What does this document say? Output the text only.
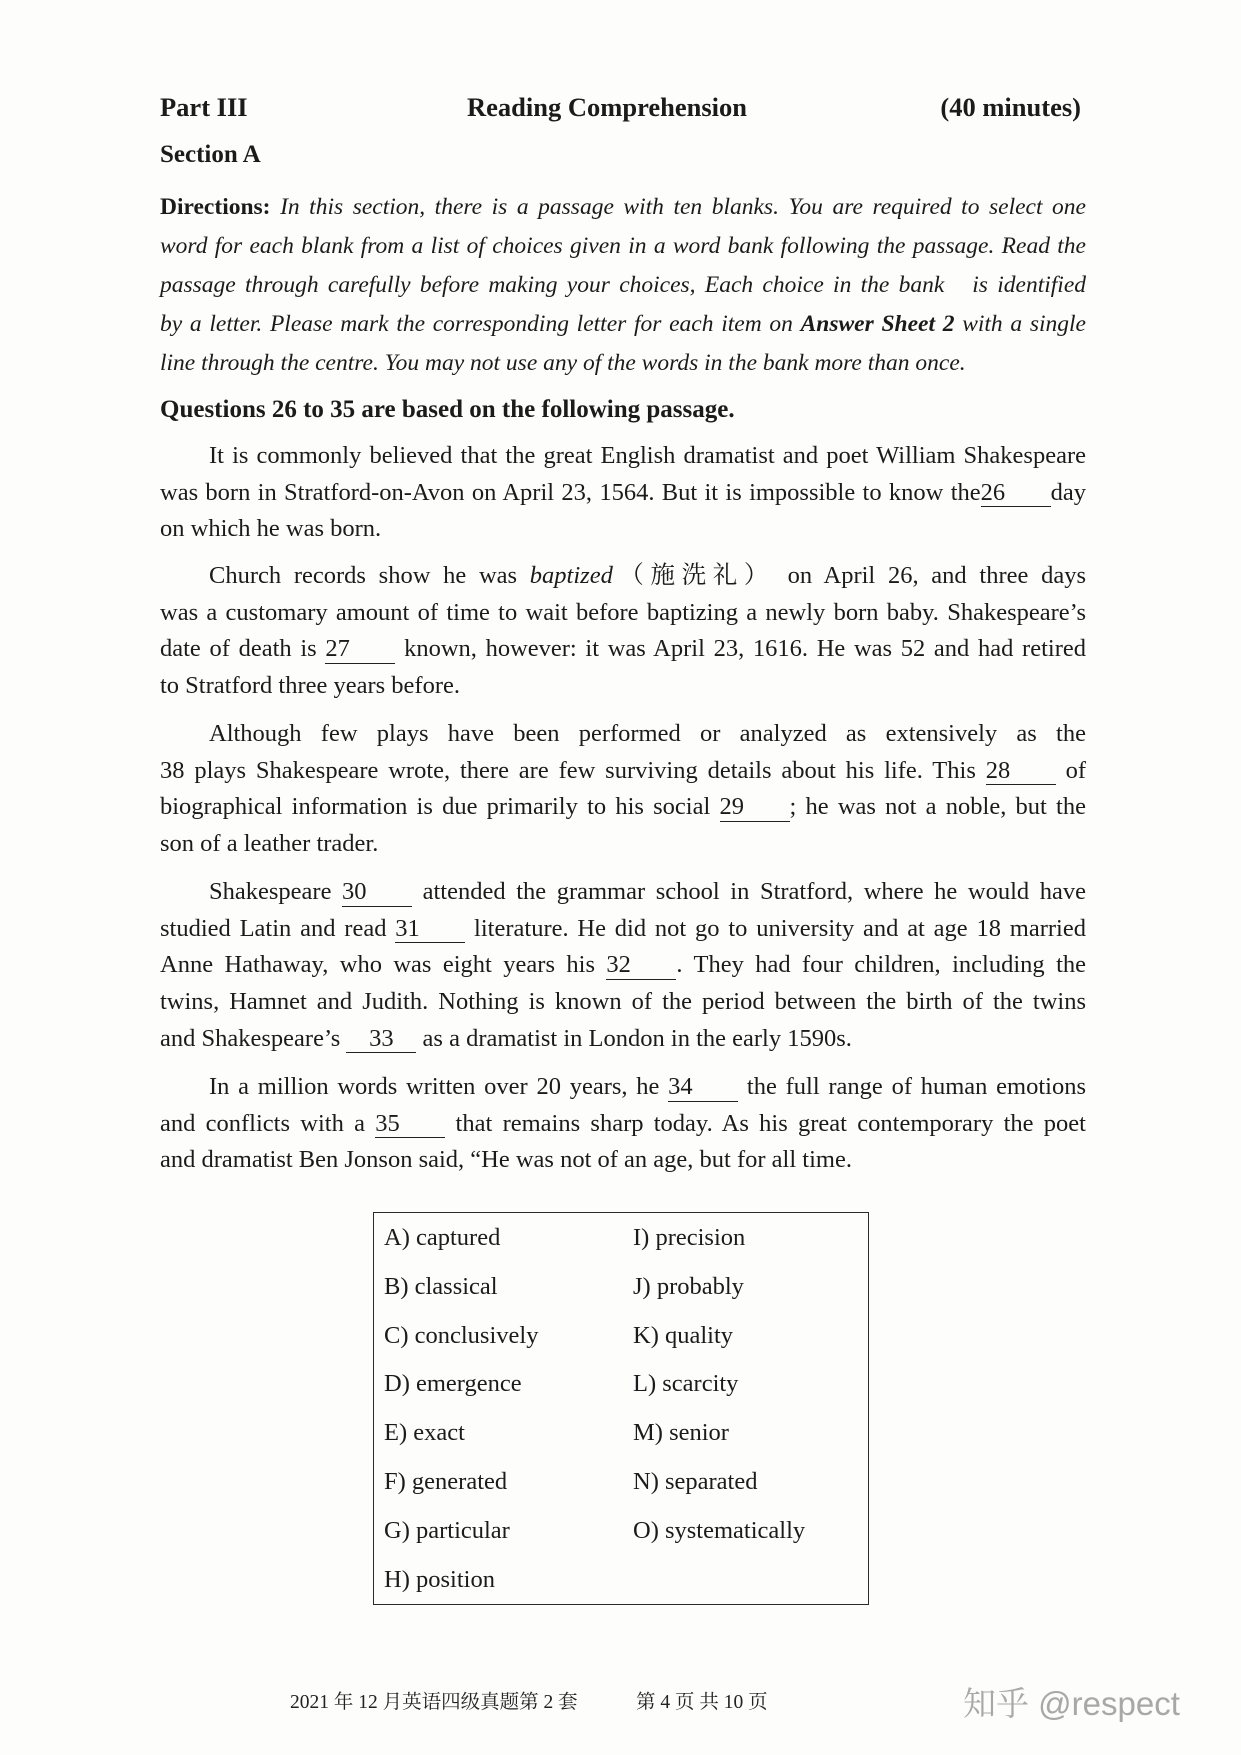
Part III	Reading Comprehension	(40 minutes)
Section A
Directions: In this section, there is a passage with ten blanks. You are required to select one
word for each blank from a list of choices given in a word bank following the passage. Read the
passage through carefully before making your choices, Each choice in the bank   is identified
by a letter. Please mark the corresponding letter for each item on Answer Sheet 2 with a single
line through the centre. You may not use any of the words in the bank more than once.
Questions 26 to 35 are based on the following passage.
It is commonly believed that the great English dramatist and poet William Shakespeare
was born in Stratford-on-Avon on April 23, 1564. But it is impossible to know the26 day
on which he was born.
Church records show he was baptized（施洗礼） on April 26, and three days
was a customary amount of time to wait before baptizing a newly born baby. Shakespeare’s
date of death is 27 known, however: it was April 23, 1616. He was 52 and had retired
to Stratford three years before.
Although few plays have been performed or analyzed as extensively as the
38 plays Shakespeare wrote, there are few surviving details about his life. This 28 of
biographical information is due primarily to his social 29 ; he was not a noble, but the
son of a leather trader.
Shakespeare 30 attended the grammar school in Stratford, where he would have
studied Latin and read 31 literature. He did not go to university and at age 18 married
Anne Hathaway, who was eight years his 32 . They had four children, including the
twins, Hamnet and Judith. Nothing is known of the period between the birth of the twins
and Shakespeare’s 33 as a dramatist in London in the early 1590s.
In a million words written over 20 years, he 34 the full range of human emotions
and conflicts with a 35 that remains sharp today. As his great contemporary the poet
and dramatist Ben Jonson said, “He was not of an age, but for all time.
A) captured
B) classical
C) conclusively
D) emergence
E) exact
F) generated
G) particular
H) position
I) precision
J) probably
K) quality
L) scarcity
M) senior
N) separated
O) systematically
2021 年 12 月英语四级真题第 2 套	第 4 页 共 10 页	知乎 @respect
